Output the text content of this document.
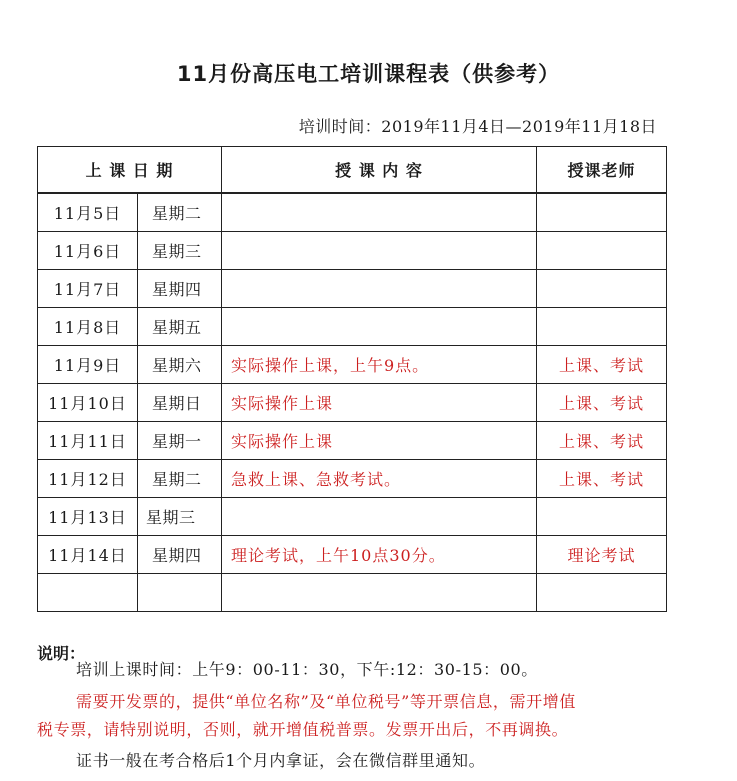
11月份高压电工培训课程表（供参考）
培训时间：2019年11月4日—2019年11月18日
上 课 日 期		授 课 内 容	授课老师
11月5日	星期二		
11月6日	星期三		
11月7日	星期四		
11月8日	星期五		
11月9日	星期六	实际操作上课，上午9点。	上课、考试
11月10日	星期日	实际操作上课	上课、考试
11月11日	星期一	实际操作上课	上课、考试
11月12日	星期二	急救上课、急救考试。	上课、考试
11月13日	星期三		
11月14日	星期四	理论考试，上午10点30分。	理论考试

说明：
培训上课时间：上午9：00-11：30，下午:12：30-15：00。
需要开发票的，提供“单位名称”及“单位税号”等开票信息，需开增值
税专票，请特别说明，否则，就开增值税普票。发票开出后，不再调换。
证书一般在考合格后1个月内拿证，会在微信群里通知。
